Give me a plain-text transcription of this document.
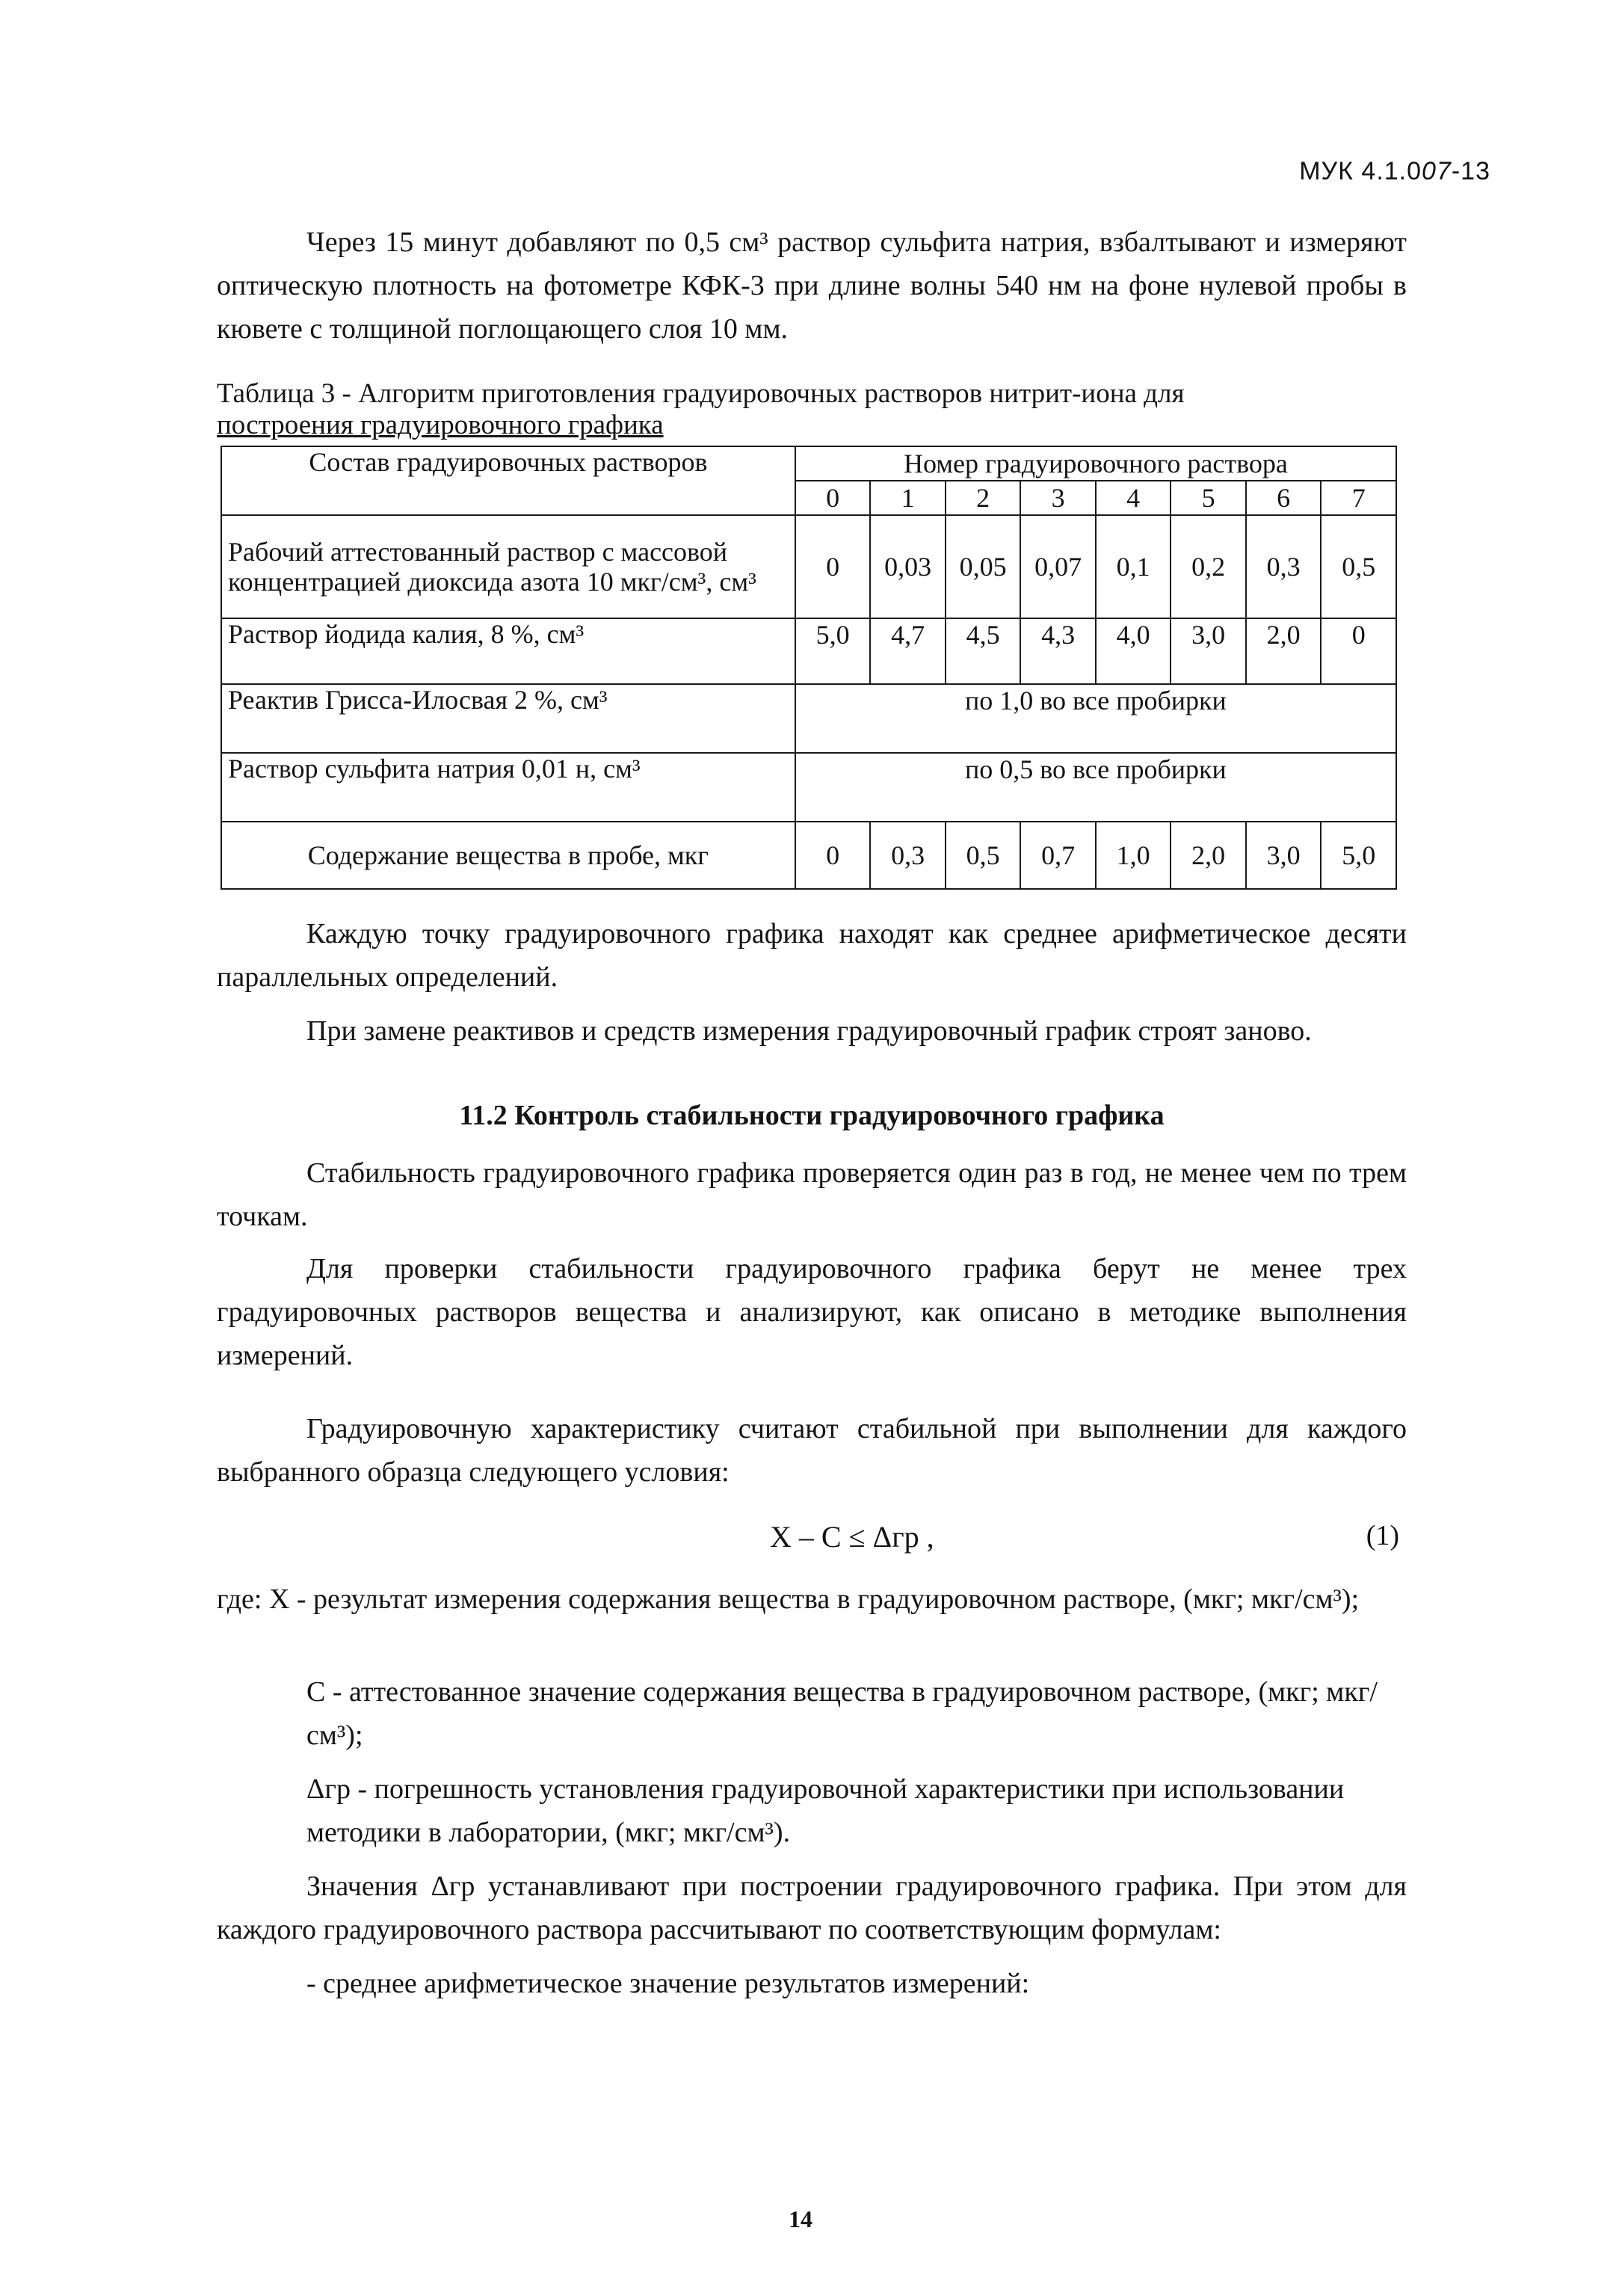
МУК 4.1.007-13
Через 15 минут добавляют по 0,5 см³ раствор сульфита натрия, взбалтывают и измеряют оптическую плотность на фотометре КФК-3 при длине волны 540 нм на фоне нулевой пробы в кювете с толщиной поглощающего слоя 10 мм.
Таблица 3 - Алгоритм приготовления градуировочных растворов нитрит-иона для
построения градуировочного графика
Состав градуировочных растворов	Номер градуировочного раствора							
	0	1	2	3	4	5	6	7
Рабочий аттестованный раствор с массовой концентрацией диоксида азота 10 мкг/см³, см³	0	0,03	0,05	0,07	0,1	0,2	0,3	0,5
Раствор йодида калия, 8 %, см³	5,0	4,7	4,5	4,3	4,0	3,0	2,0	0
Реактив Грисса-Илосвая 2 %, см³	по 1,0 во все пробирки							
Раствор сульфита натрия 0,01 н, см³	по 0,5 во все пробирки							
Содержание вещества в пробе, мкг	0	0,3	0,5	0,7	1,0	2,0	3,0	5,0
Каждую точку градуировочного графика находят как среднее арифметическое десяти параллельных определений.
При замене реактивов и средств измерения градуировочный график строят заново.
11.2 Контроль стабильности градуировочного графика
Стабильность градуировочного графика проверяется один раз в год, не менее чем по трем точкам.
Для проверки стабильности градуировочного графика берут не менее трех градуировочных растворов вещества и анализируют, как описано в методике выполнения измерений.
Градуировочную характеристику считают стабильной при выполнении для каждого выбранного образца следующего условия:
X – C ≤ Δгр ,	(1)
где: X - результат измерения содержания вещества в градуировочном растворе, (мкг; мкг/см³);
C - аттестованное значение содержания вещества в градуировочном растворе, (мкг; мкг/см³);
Δгр - погрешность установления градуировочной характеристики при использовании методики в лаборатории, (мкг; мкг/см³).
Значения Δгр устанавливают при построении градуировочного графика. При этом для каждого градуировочного раствора рассчитывают по соответствующим формулам:
- среднее арифметическое значение результатов измерений:
14
